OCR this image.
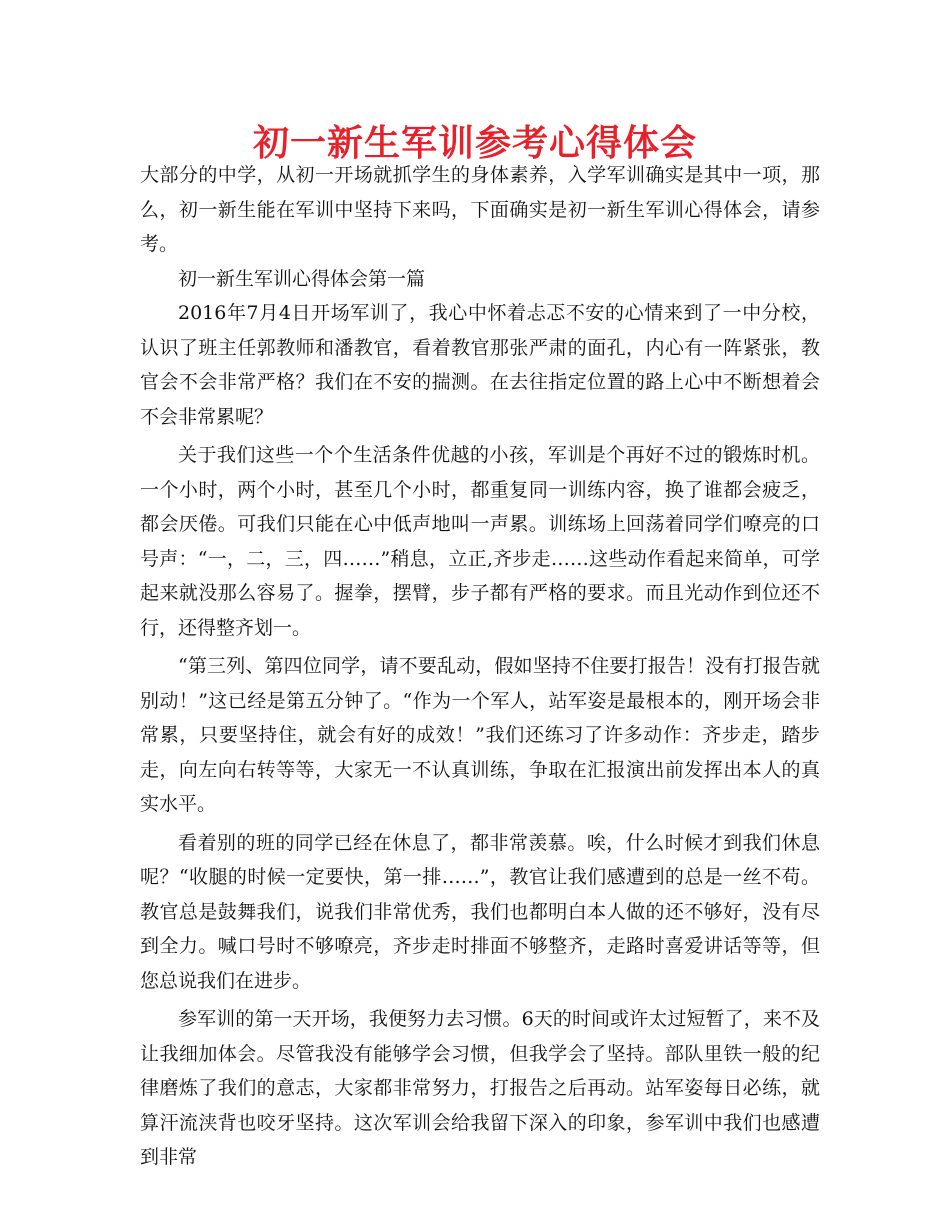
初一新生军训参考心得体会

大部分的中学，从初一开场就抓学生的身体素养，入学军训确实是其中一项，那么，初一新生能在军训中坚持下来吗，下面确实是初一新生军训心得体会，请参考。

初一新生军训心得体会第一篇

2016年7月4日开场军训了，我心中怀着忐忑不安的心情来到了一中分校，认识了班主任郭教师和潘教官，看着教官那张严肃的面孔，内心有一阵紧张，教官会不会非常严格？我们在不安的揣测。在去往指定位置的路上心中不断想着会不会非常累呢？

关于我们这些一个个生活条件优越的小孩，军训是个再好不过的锻炼时机。一个小时，两个小时，甚至几个小时，都重复同一训练内容，换了谁都会疲乏，都会厌倦。可我们只能在心中低声地叫一声累。训练场上回荡着同学们嘹亮的口号声：“一，二，三，四……”稍息，立正,齐步走……这些动作看起来简单，可学起来就没那么容易了。握拳，摆臂，步子都有严格的要求。而且光动作到位还不行，还得整齐划一。

“第三列、第四位同学，请不要乱动，假如坚持不住要打报告！没有打报告就别动！”这已经是第五分钟了。“作为一个军人，站军姿是最根本的，刚开场会非常累，只要坚持住，就会有好的成效！”我们还练习了许多动作：齐步走，踏步走，向左向右转等等，大家无一不认真训练，争取在汇报演出前发挥出本人的真实水平。

看着别的班的同学已经在休息了，都非常羡慕。唉，什么时候才到我们休息呢？“收腿的时候一定要快，第一排……”，教官让我们感遭到的总是一丝不苟。教官总是鼓舞我们，说我们非常优秀，我们也都明白本人做的还不够好，没有尽到全力。喊口号时不够嘹亮，齐步走时排面不够整齐，走路时喜爱讲话等等，但您总说我们在进步。

参军训的第一天开场，我便努力去习惯。6天的时间或许太过短暂了，来不及让我细加体会。尽管我没有能够学会习惯，但我学会了坚持。部队里铁一般的纪律磨炼了我们的意志，大家都非常努力，打报告之后再动。站军姿每日必练，就算汗流浃背也咬牙坚持。这次军训会给我留下深入的印象，参军训中我们也感遭到非常
